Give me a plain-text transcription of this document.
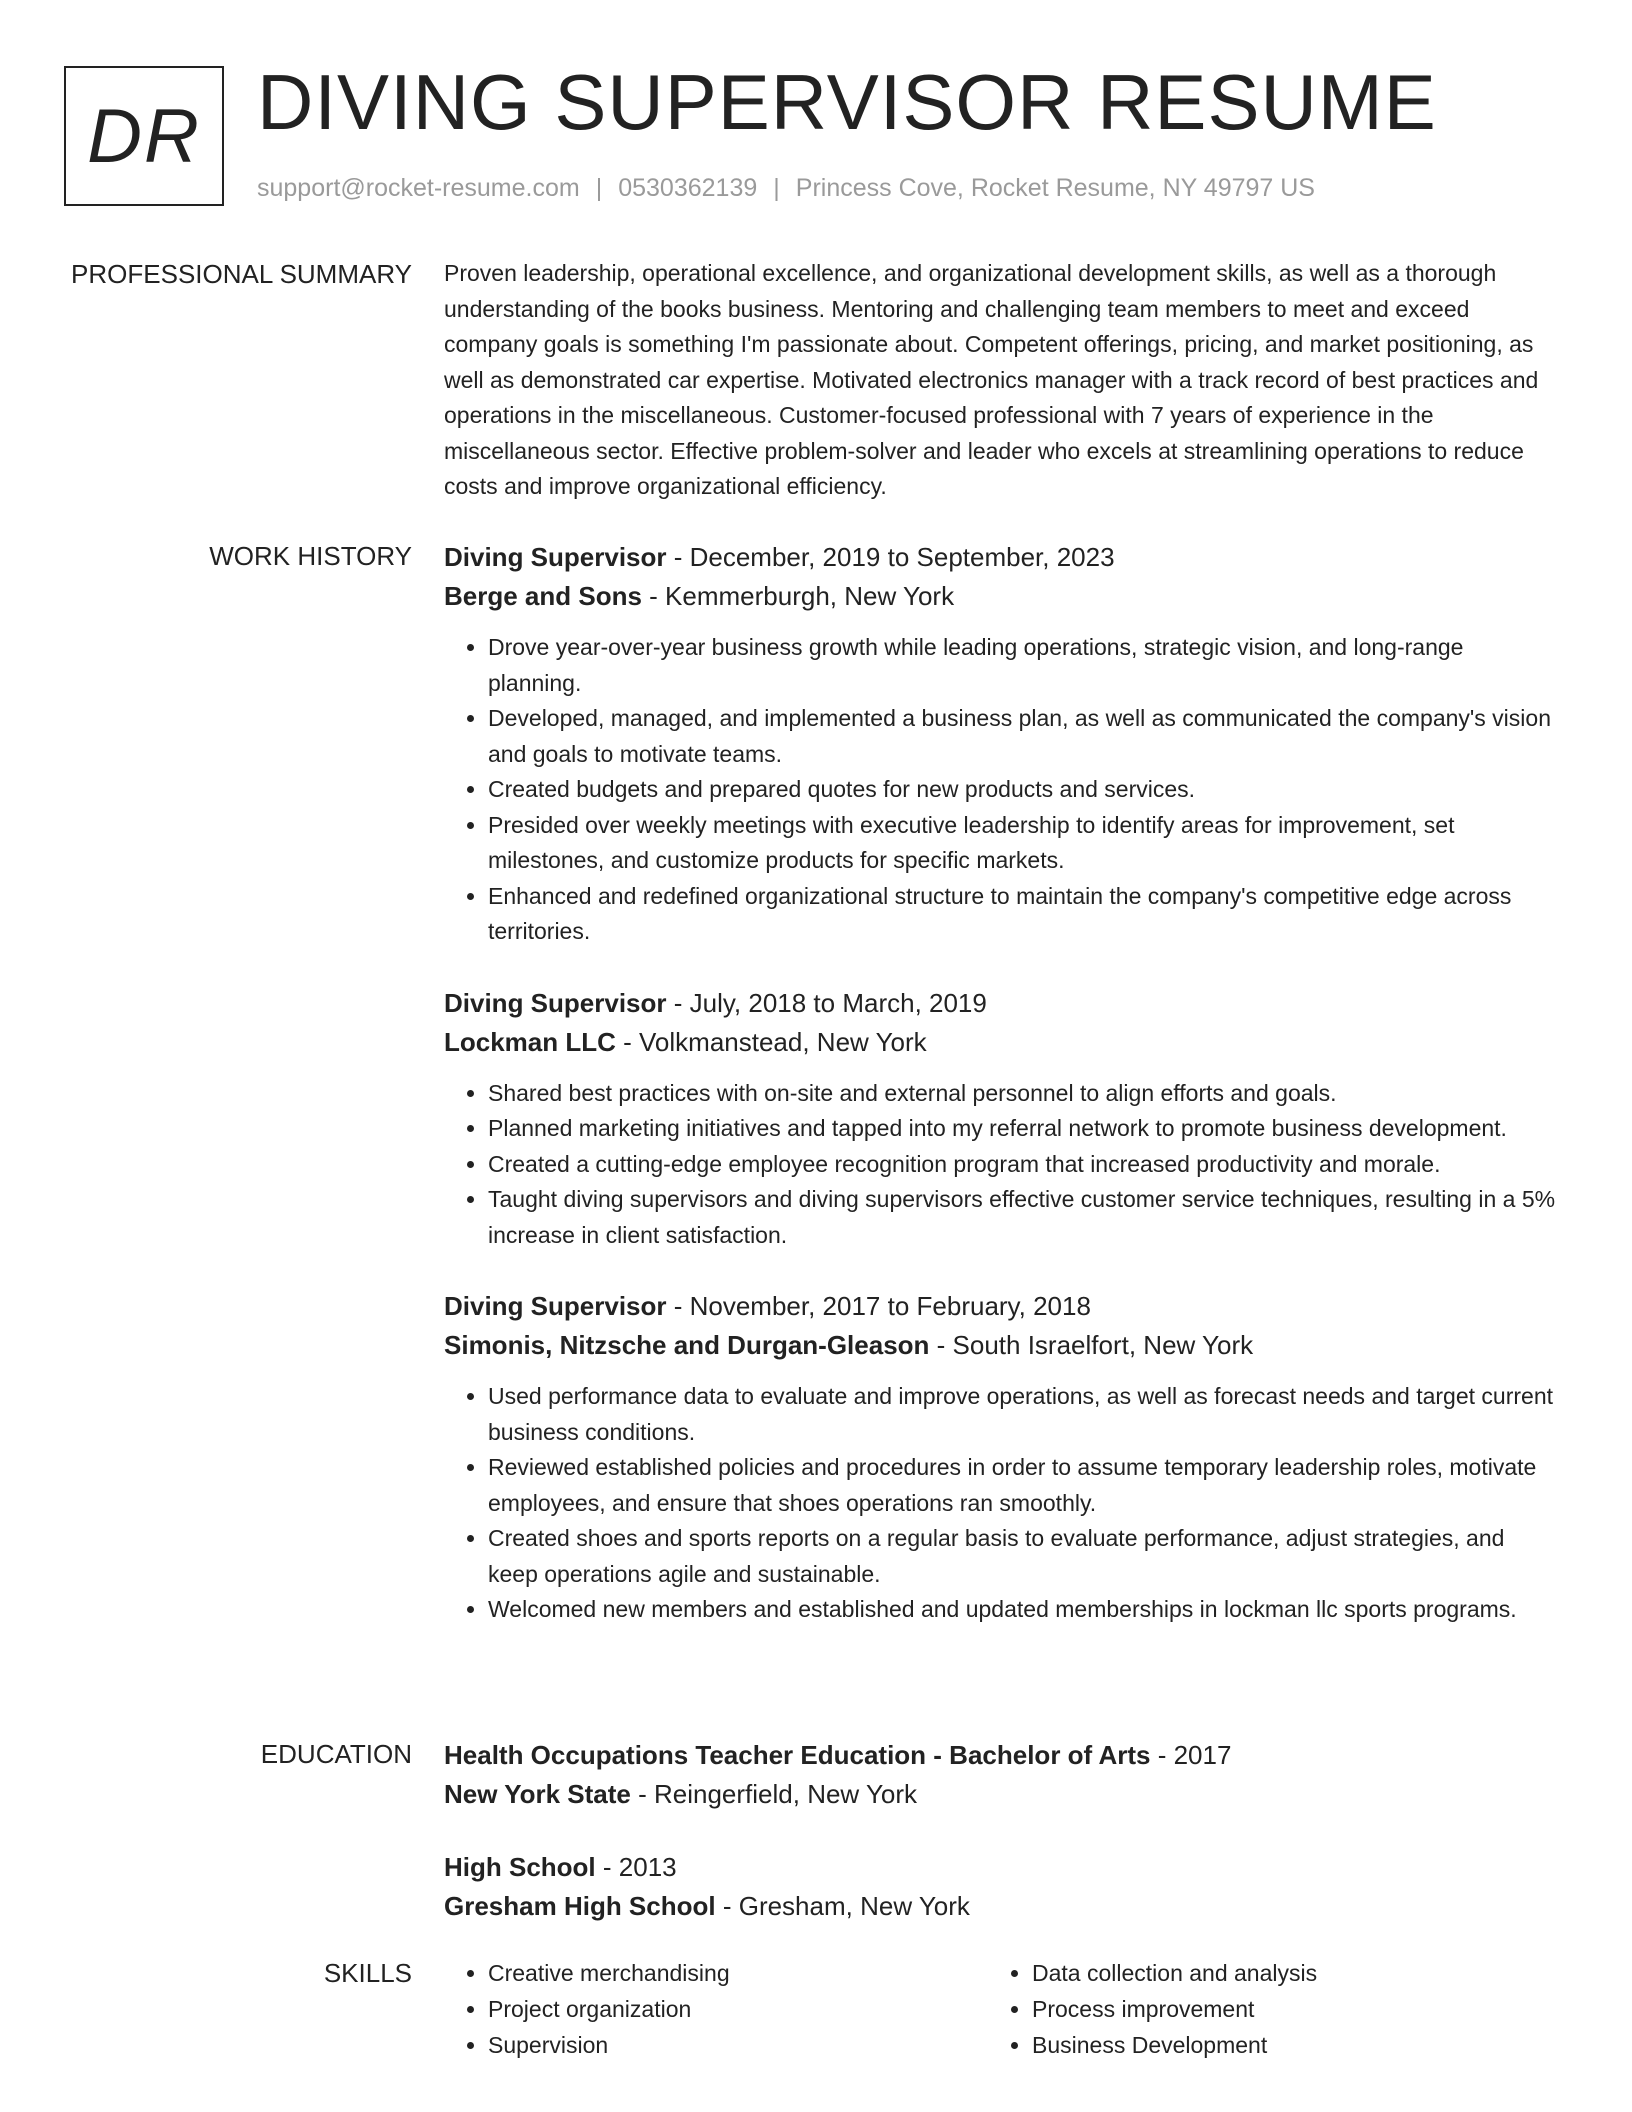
DR DIVING SUPERVISOR RESUME
support@rocket-resume.com | 0530362139 | Princess Cove, Rocket Resume, NY 49797 US
PROFESSIONAL SUMMARY Proven leadership, operational excellence, and organizational development skills, as well as a thorough understanding of the books business. Mentoring and challenging team members to meet and exceed company goals is something I'm passionate about. Competent offerings, pricing, and market positioning, as well as demonstrated car expertise. Motivated electronics manager with a track record of best practices and operations in the miscellaneous. Customer-focused professional with 7 years of experience in the miscellaneous sector. Effective problem-solver and leader who excels at streamlining operations to reduce costs and improve organizational efficiency.

WORK HISTORY Diving Supervisor - December, 2019 to September, 2023

Berge and Sons - Kemmerburgh, New York

• Drove year-over-year business growth while leading operations, strategic vision, and long-range planning.
• Developed, managed, and implemented a business plan, as well as communicated the company's vision and goals to motivate teams.
• Created budgets and prepared quotes for new products and services.
• Presided over weekly meetings with executive leadership to identify areas for improvement, set milestones, and customize products for specific markets.
• Enhanced and redefined organizational structure to maintain the company's competitive edge across territories.

Diving Supervisor - July, 2018 to March, 2019

Lockman LLC - Volkmanstead, New York

• Shared best practices with on-site and external personnel to align efforts and goals.
• Planned marketing initiatives and tapped into my referral network to promote business development.
• Created a cutting-edge employee recognition program that increased productivity and morale.
• Taught diving supervisors and diving supervisors effective customer service techniques, resulting in a 5% increase in client satisfaction.

Diving Supervisor - November, 2017 to February, 2018

Simonis, Nitzsche and Durgan-Gleason - South Israelfort, New York

• Used performance data to evaluate and improve operations, as well as forecast needs and target current business conditions.
• Reviewed established policies and procedures in order to assume temporary leadership roles, motivate employees, and ensure that shoes operations ran smoothly.
• Created shoes and sports reports on a regular basis to evaluate performance, adjust strategies, and keep operations agile and sustainable.
• Welcomed new members and established and updated memberships in lockman llc sports programs.
EDUCATION Health Occupations Teacher Education - Bachelor of Arts - 2017

New York State - Reingerfield, New York

High School - 2013

Gresham High School - Gresham, New York

SKILLS
•	Creative merchandising
• Project organization
• Supervision
• Data collection and analysis
• Process improvement
• Business Development
